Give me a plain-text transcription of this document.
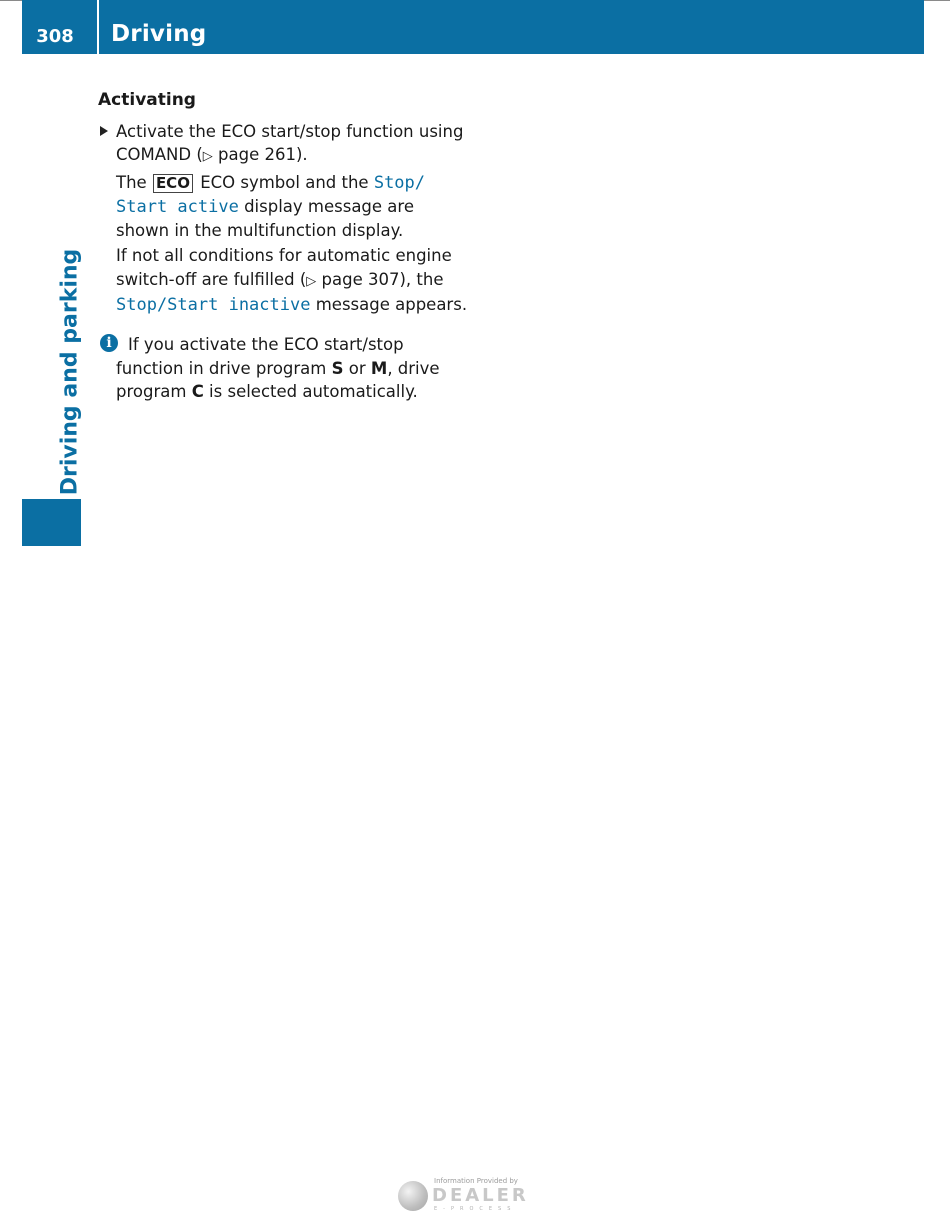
308	Driving
Driving and parking
Activating

Activate the ECO start/stop function using COMAND (▷ page 261).

The ECO ECO symbol and the Stop/ Start active display message are shown in the multifunction display.

If not all conditions for automatic engine switch-off are fulfilled (▷ page 307), the Stop/Start inactive message appears.

i If you activate the ECO start/stop function in drive program S or M, drive program C is selected automatically.

Information Provided by
DEALER
E-PROCESS
